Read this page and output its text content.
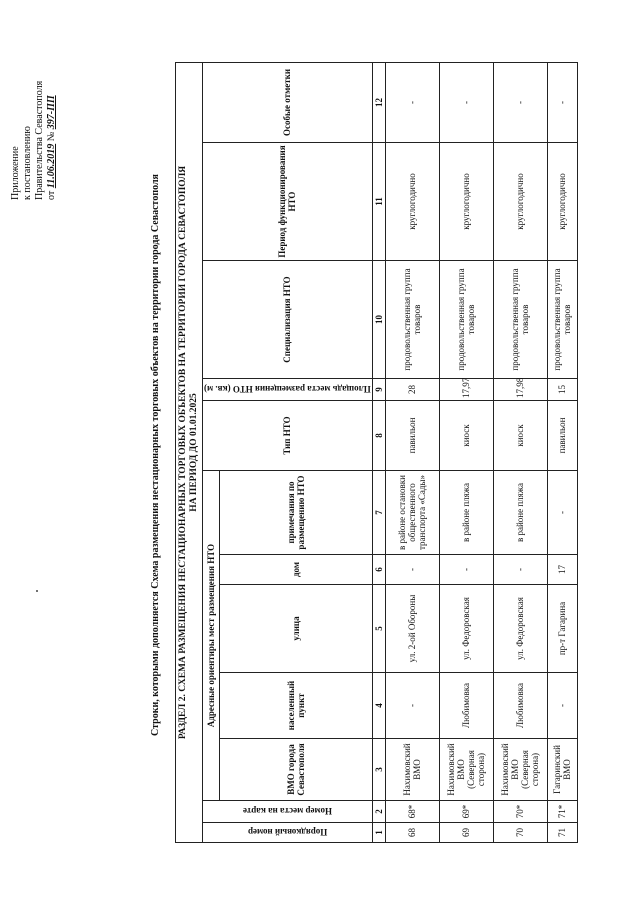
Приложение к постановлению Правительства Севастополя от 11.06.2019 № 397-ПП
Строки, которыми дополняется Схема размещения нестационарных торговых объектов на территории города Севастополя РАЗДЕЛ 2. СХЕМА РАЗМЕЩЕНИЯ НЕСТАЦИОНАРНЫХ ТОРГОВЫХ ОБЪЕКТОВ НА ТЕРРИТОРИИ ГОРОДА СЕВАСТОПОЛЯ НА ПЕРИОД ДО 01.01.2025											

Порядковый номер	Номер места на карте	Адресные ориентиры мест размещения НТО					Тип НТО	Площадь места размещения НТО (кв. м)	Специализация НТО	Период функционирования НТО	Особые отметки
		ВМО города Севастополя	населенный пункт	улица	дом	примечания по размещению НТО					
1	2	3	4	5	6	7	8	9	10	11	12
68	68*	Нахимовский ВМО	-	ул. 2-ой Обороны	-	в районе остановки общественного транспорта «Сады»	павильон	28	продовольственная группа товаров	круглогодично	-
69	69*	Нахимовский ВМО (Северная сторона)	Любимовка	ул. Федоровская	-	в районе пляжа	киоск	17,97	продовольственная группа товаров	круглогодично	-
70	70*	Нахимовский ВМО (Северная сторона)	Любимовка	ул. Федоровская	-	в районе пляжа	киоск	17,98	продовольственная группа товаров	круглогодично	-
71	71*	Гагаринский ВМО	-	пр-т Гагарина	17	-	павильон	15	продовольственная группа товаров	круглогодично	-
